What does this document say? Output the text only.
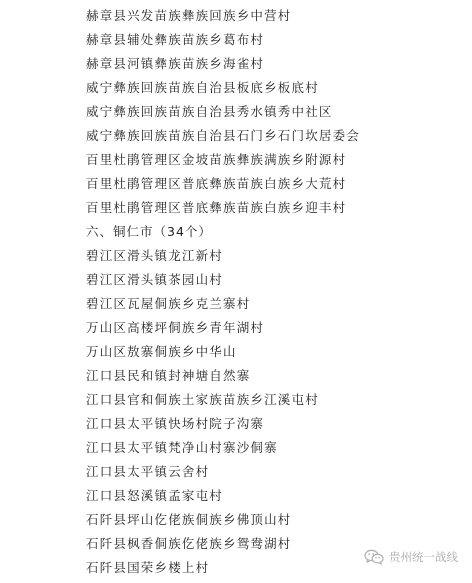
赫章县兴发苗族彝族回族乡中营村
赫章县辅处彝族苗族乡葛布村
赫章县河镇彝族苗族乡海雀村
威宁彝族回族苗族自治县板底乡板底村
威宁彝族回族苗族自治县秀水镇秀中社区
威宁彝族回族苗族自治县石门乡石门坎居委会
百里杜鹃管理区金坡苗族彝族满族乡附源村
百里杜鹃管理区普底彝族苗族白族乡大荒村
百里杜鹃管理区普底彝族苗族白族乡迎丰村
六、铜仁市（34个）
碧江区滑头镇龙江新村
碧江区滑头镇茶园山村
碧江区瓦屋侗族乡克兰寨村
万山区高楼坪侗族乡青年湖村
万山区敖寨侗族乡中华山
江口县民和镇封神塘自然寨
江口县官和侗族土家族苗族乡江溪屯村
江口县太平镇快场村院子沟寨
江口县太平镇梵净山村寨沙侗寨
江口县太平镇云舍村
江口县怒溪镇孟家屯村
石阡县坪山仡佬族侗族乡佛顶山村
石阡县枫香侗族仡佬族乡鸳鸯湖村
石阡县国荣乡楼上村
贵州统一战线
